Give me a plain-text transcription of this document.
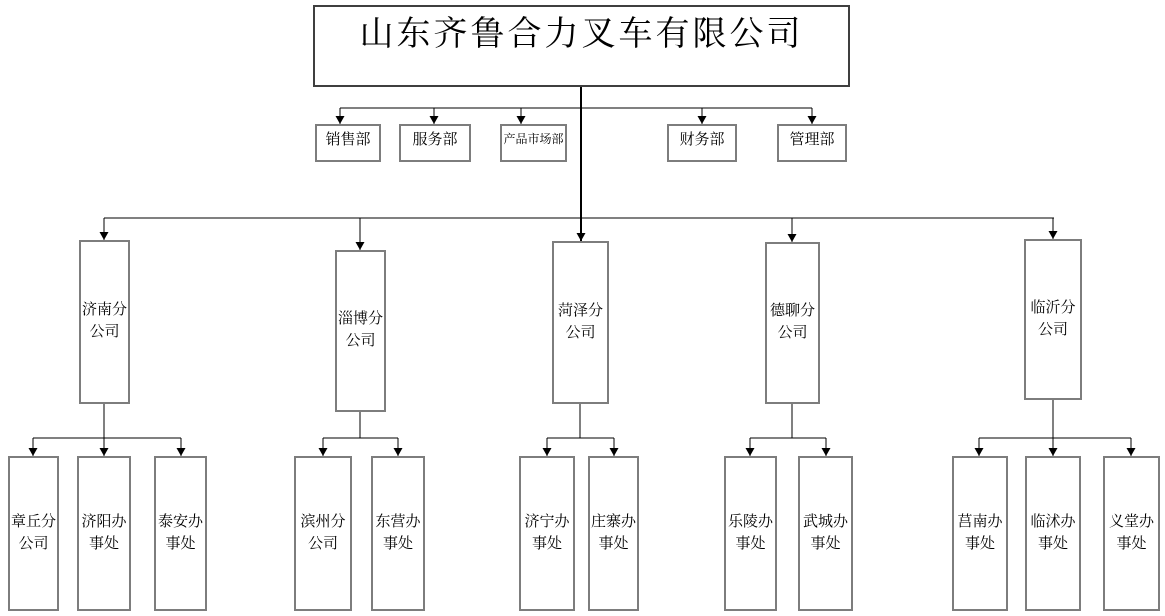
山东齐鲁合力叉车有限公司
销售部	服务部	产品市场部	财务部	管理部
济南分公司
淄博分公司
菏泽分公司
德聊分公司
临沂分公司
章丘分公司
济阳办事处
泰安办事处
滨州分公司
东营办事处
济宁办事处
庄寨办事处
乐陵办事处
武城办事处
莒南办事处
临沭办事处
义堂办事处
